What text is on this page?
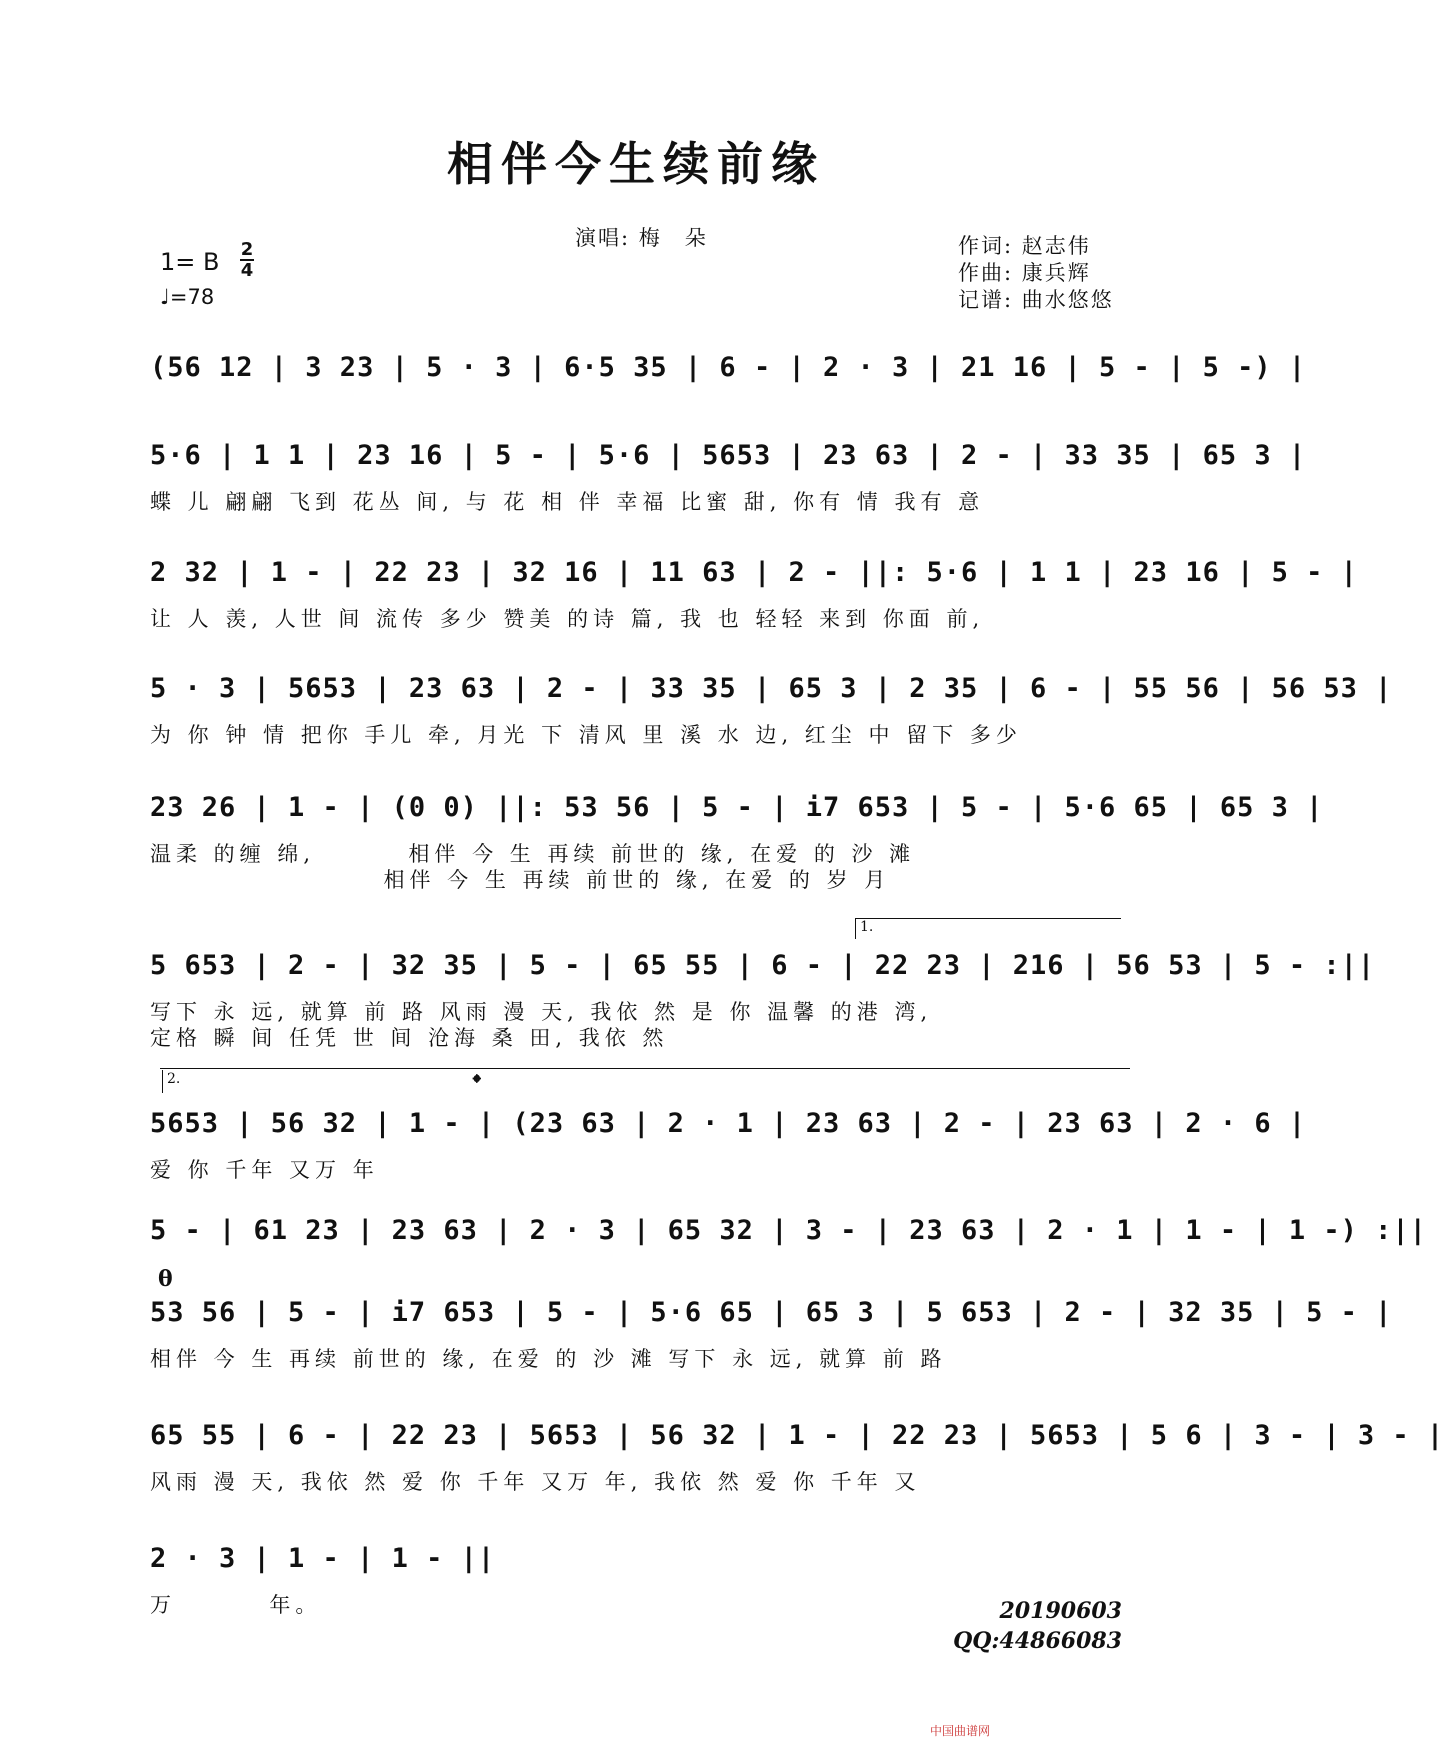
相伴今生续前缘
演唱: 梅　朵	作词: 赵志伟
作曲: 康兵辉
记谱: 曲水悠悠
1= B 2
4
♩=78
(56 12 | 3 23 | 5 · 3 | 6·5 35 | 6 - | 2 · 3 | 21 16 | 5 - | 5 -) |
5·6 | 1 1 | 23 16 | 5 - | 5·6 | 5653 | 23 63 | 2 - | 33 35 | 65 3 |
蝶 儿 翩翩 飞到 花丛 间, 与 花 相 伴 幸福 比蜜 甜, 你有 情 我有 意
2 32 | 1 - | 22 23 | 32 16 | 11 63 | 2 - ||: 5·6 | 1 1 | 23 16 | 5 - |
让 人 羡, 人世 间 流传 多少 赞美 的诗 篇, 我 也 轻轻 来到 你面 前,
5 · 3 | 5653 | 23 63 | 2 - | 33 35 | 65 3 | 2 35 | 6 - | 55 56 | 56 53 |
为 你 钟 情 把你 手儿 牵, 月光 下 清风 里 溪 水 边, 红尘 中 留下 多少
23 26 | 1 - | (0 0) ||: 53 56 | 5 - | i7 653 | 5 - | 5·6 65 | 65 3 |
温柔 的缠 绵,        相伴 今 生 再续 前世的 缘, 在爱 的 沙 滩
相伴 今 生 再续 前世的 缘, 在爱 的 岁 月
1.
5 653 | 2 - | 32 35 | 5 - | 65 55 | 6 - | 22 23 | 216 | 56 53 | 5 - :||
写下 永 远, 就算 前 路 风雨 漫 天, 我依 然 是 你 温馨 的港 湾,
定格 瞬 间 任凭 世 间 沧海 桑 田, 我依 然
2.	𝄌
5653 | 56 32 | 1 - | (23 63 | 2 · 1 | 23 63 | 2 - | 23 63 | 2 · 6 |
爱 你 千年 又万 年
5 - | 61 23 | 23 63 | 2 · 3 | 65 32 | 3 - | 23 63 | 2 · 1 | 1 - | 1 -) :||
θ
53 56 | 5 - | i7 653 | 5 - | 5·6 65 | 65 3 | 5 653 | 2 - | 32 35 | 5 - |
相伴 今 生 再续 前世的 缘, 在爱 的 沙 滩 写下 永 远, 就算 前 路
65 55 | 6 - | 22 23 | 5653 | 56 32 | 1 - | 22 23 | 5653 | 5 6 | 3 - | 3 - |
风雨 漫 天, 我依 然 爱 你 千年 又万 年, 我依 然 爱 你 千年 又
2 · 3 | 1 - | 1 - ||
万        年。	20190603
QQ:44866083
中国曲谱网
